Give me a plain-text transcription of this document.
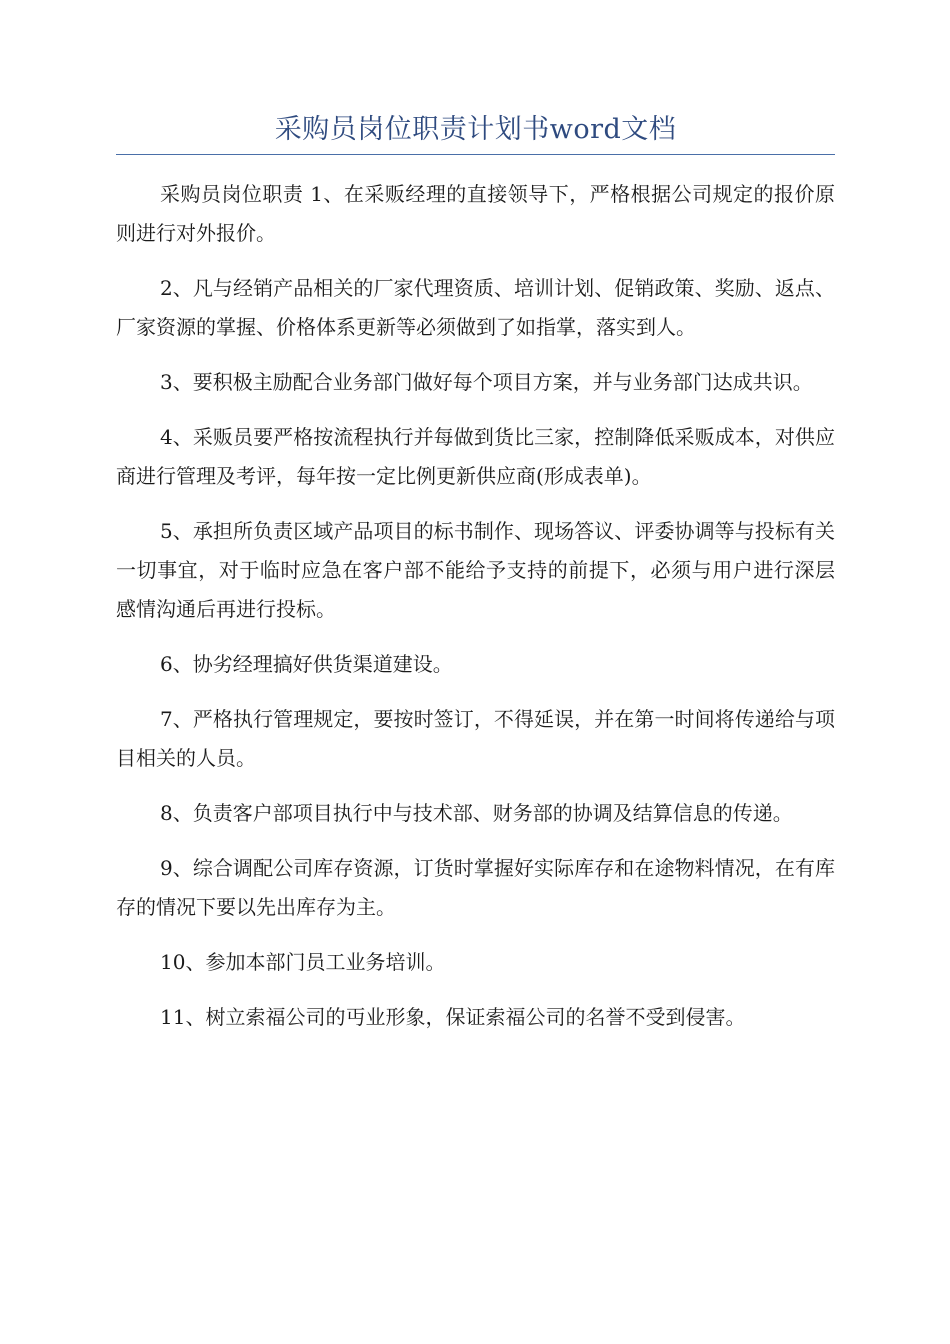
采购员岗位职责计划书word文档

采购员岗位职责 1、在采贩经理的直接领导下，严格根据公司规定的报价原则进行对外报价。

2、凡与经销产品相关的厂家代理资质、培训计划、促销政策、奖励、返点、厂家资源的掌握、价格体系更新等必须做到了如指掌，落实到人。

3、要积极主励配合业务部门做好每个项目方案，并与业务部门达成共识。

4、采贩员要严格按流程执行并每做到货比三家，控制降低采贩成本，对供应商进行管理及考评，每年按一定比例更新供应商(形成表单)。

5、承担所负责区域产品项目的标书制作、现场答议、评委协调等与投标有关一切事宜，对于临时应急在客户部不能给予支持的前提下，必须与用户进行深层感情沟通后再进行投标。

6、协劣经理搞好供货渠道建设。

7、严格执行管理规定，要按时签订，不得延误，并在第一时间将传递给与项目相关的人员。

8、负责客户部项目执行中与技术部、财务部的协调及结算信息的传递。

9、综合调配公司库存资源，订货时掌握好实际库存和在途物料情况，在有库存的情况下要以先出库存为主。

10、参加本部门员工业务培训。

11、树立索福公司的丏业形象，保证索福公司的名誉不受到侵害。
